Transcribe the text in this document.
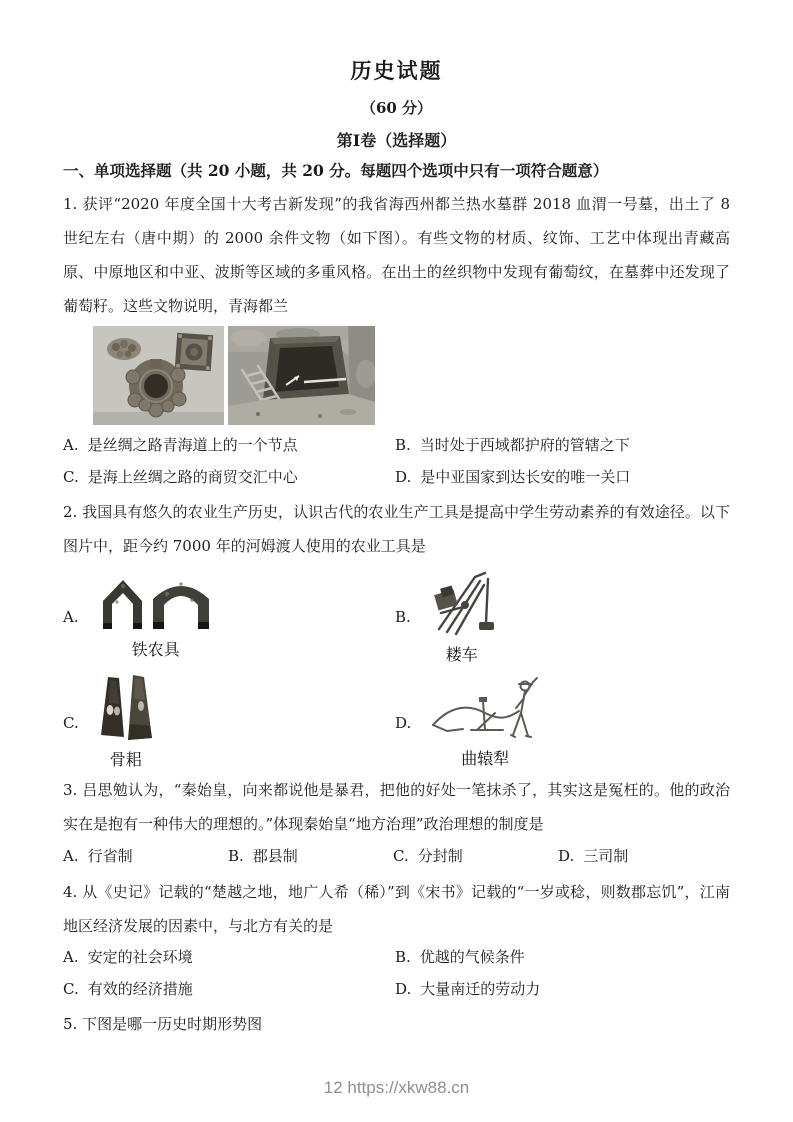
历史试题
（60 分）
第Ⅰ卷（选择题）
一、单项选择题（共 20 小题，共 20 分。每题四个选项中只有一项符合题意）

1. 获评“2020 年度全国十大考古新发现”的我省海西州都兰热水墓群 2018 血渭一号墓，出土了 8 世纪左右（唐中期）的 2000 余件文物（如下图）。有些文物的材质、纹饰、工艺中体现出青藏高原、中原地区和中亚、波斯等区域的多重风格。在出土的丝织物中发现有葡萄纹，在墓葬中还发现了葡萄籽。这些文物说明，青海都兰

A. 是丝绸之路青海道上的一个节点	B. 当时处于西域都护府的管辖之下
C. 是海上丝绸之路的商贸交汇中心	D. 是中亚国家到达长安的唯一关口

2. 我国具有悠久的农业生产历史，认识古代的农业生产工具是提高中学生劳动素养的有效途径。以下图片中，距今约 7000 年的河姆渡人使用的农业工具是

A.
铁农具
B.
耧车
C.
骨耜
D.
曲辕犁

3. 吕思勉认为，“秦始皇，向来都说他是暴君，把他的好处一笔抹杀了，其实这是冤枉的。他的政治实在是抱有一种伟大的理想的。”体现秦始皇“地方治理”政治理想的制度是

A. 行省制	B. 郡县制	C. 分封制	D. 三司制

4. 从《史记》记载的“楚越之地，地广人希（稀）”到《宋书》记载的“一岁或稔，则数郡忘饥”，江南地区经济发展的因素中，与北方有关的是

A. 安定的社会环境	B. 优越的气候条件
C. 有效的经济措施	D. 大量南迁的劳动力

5. 下图是哪一历史时期形势图

12 https://xkw88.cn
